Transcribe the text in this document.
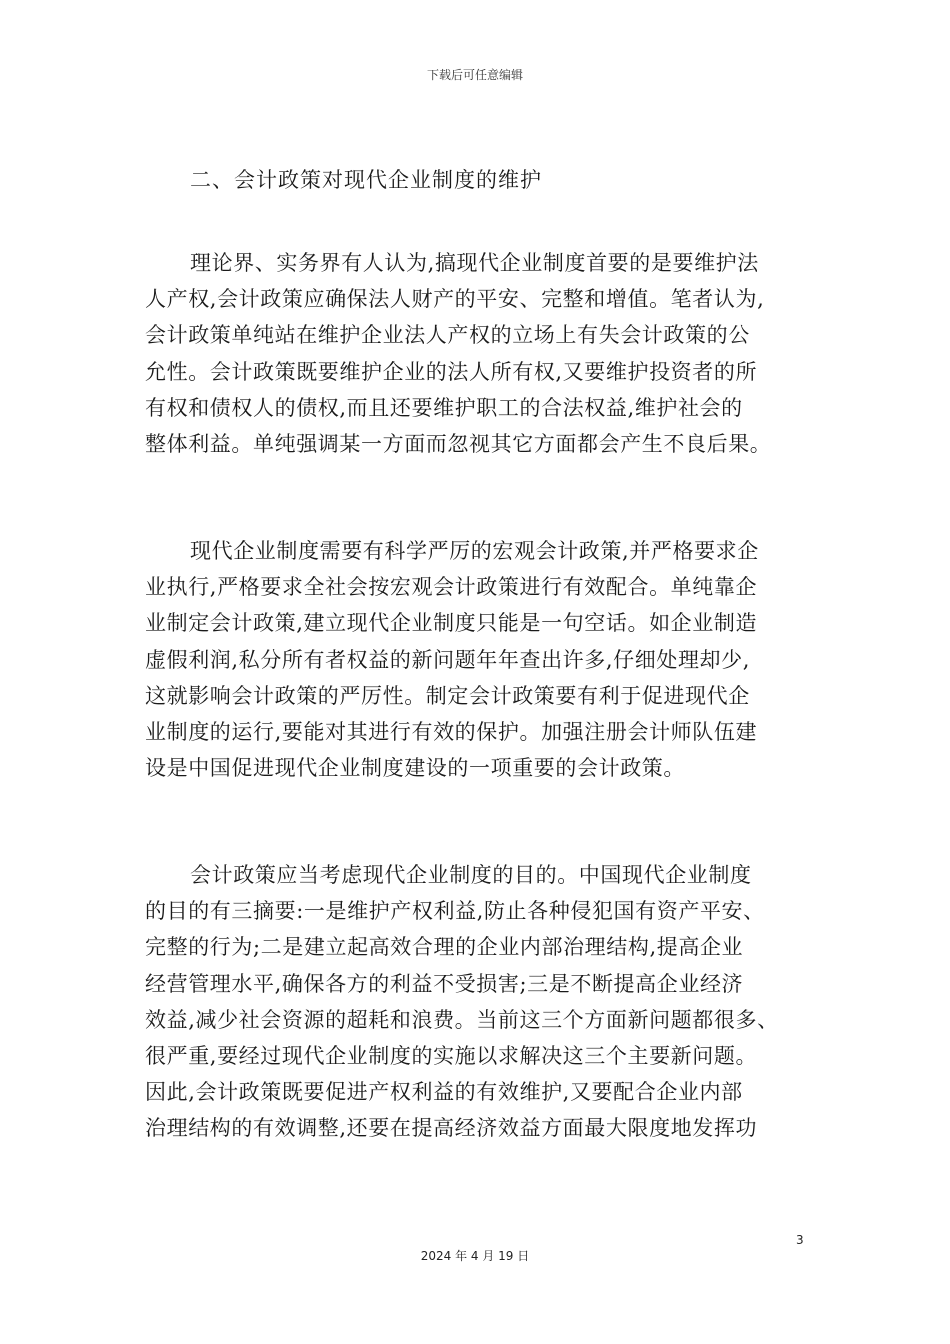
下载后可任意编辑
二、会计政策对现代企业制度的维护
理论界、实务界有人认为,搞现代企业制度首要的是要维护法
人产权,会计政策应确保法人财产的平安、完整和增值。笔者认为,
会计政策单纯站在维护企业法人产权的立场上有失会计政策的公
允性。会计政策既要维护企业的法人所有权,又要维护投资者的所
有权和债权人的债权,而且还要维护职工的合法权益,维护社会的
整体利益。单纯强调某一方面而忽视其它方面都会产生不良后果。
现代企业制度需要有科学严厉的宏观会计政策,并严格要求企
业执行,严格要求全社会按宏观会计政策进行有效配合。单纯靠企
业制定会计政策,建立现代企业制度只能是一句空话。如企业制造
虚假利润,私分所有者权益的新问题年年查出许多,仔细处理却少,
这就影响会计政策的严厉性。制定会计政策要有利于促进现代企
业制度的运行,要能对其进行有效的保护。加强注册会计师队伍建
设是中国促进现代企业制度建设的一项重要的会计政策。
会计政策应当考虑现代企业制度的目的。中国现代企业制度
的目的有三摘要:一是维护产权利益,防止各种侵犯国有资产平安、
完整的行为;二是建立起高效合理的企业内部治理结构,提高企业
经营管理水平,确保各方的利益不受损害;三是不断提高企业经济
效益,减少社会资源的超耗和浪费。当前这三个方面新问题都很多、
很严重,要经过现代企业制度的实施以求解决这三个主要新问题。
因此,会计政策既要促进产权利益的有效维护,又要配合企业内部
治理结构的有效调整,还要在提高经济效益方面最大限度地发挥功
3
2024 年 4 月 19 日
